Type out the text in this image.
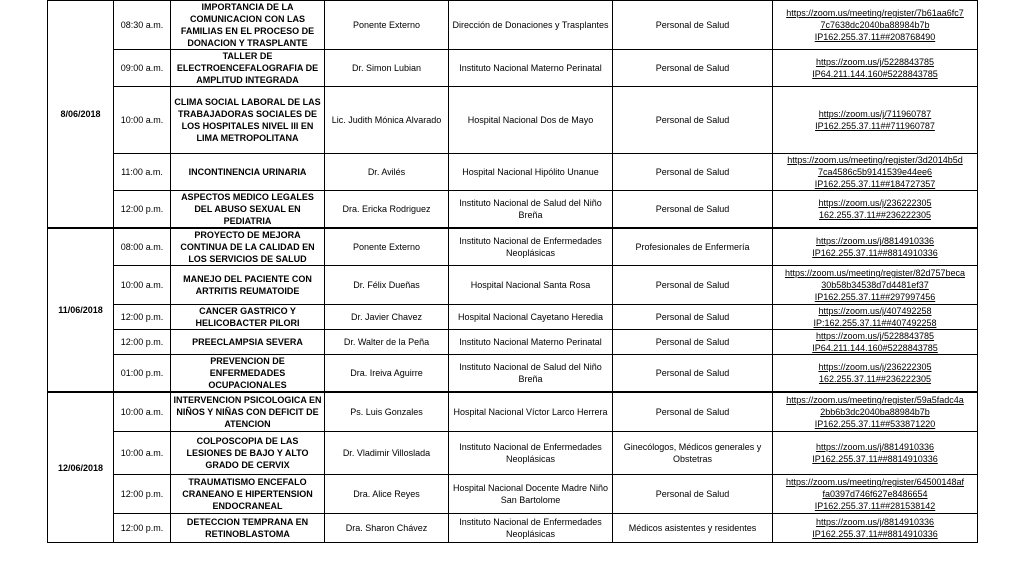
8/06/2018	08:30 a.m.	IMPORTANCIA DE LA COMUNICACION CON LAS FAMILIAS EN EL PROCESO DE DONACION Y TRASPLANTE	Ponente Externo	Dirección de Donaciones y Trasplantes	Personal de Salud	https://zoom.us/meeting/register/7b61aa6fc7
7c7638dc2040ba88984b7b
IP162.255.37.11##208768490

	09:00 a.m.	TALLER DE ELECTROENCEFALOGRAFIA DE AMPLITUD INTEGRADA	Dr. Simon Lubian	Instituto Nacional Materno Perinatal	Personal de Salud	https://zoom.us/j/5228843785
IP64.211.144.160#5228843785

	10:00 a.m.	CLIMA SOCIAL LABORAL DE LAS TRABAJADORAS SOCIALES DE LOS HOSPITALES NIVEL III EN LIMA METROPOLITANA	Lic. Judith Mónica Alvarado	Hospital Nacional Dos de Mayo	Personal de Salud	https://zoom.us/j/711960787
IP162.255.37.11##711960787

	11:00 a.m.	INCONTINENCIA URINARIA	Dr. Avilés	Hospital Nacional Hipólito Unanue	Personal de Salud	https://zoom.us/meeting/register/3d2014b5d
7ca4586c5b9141539e44ee6
IP162.255.37.11##184727357

	12:00 p.m.	ASPECTOS MEDICO LEGALES DEL ABUSO SEXUAL EN PEDIATRIA	Dra. Ericka Rodriguez	Instituto Nacional de Salud del Niño Breña	Personal de Salud	https://zoom.us/j/236222305
162.255.37.11##236222305

11/06/2018	08:00 a.m.	PROYECTO DE MEJORA CONTINUA DE LA CALIDAD EN LOS SERVICIOS DE SALUD	Ponente Externo	Instituto Nacional de Enfermedades Neoplásicas	Profesionales de Enfermería	https://zoom.us/j/8814910336
IP162.255.37.11##8814910336

	10:00 a.m.	MANEJO DEL PACIENTE CON ARTRITIS REUMATOIDE	Dr. Félix Dueñas	Hospital Nacional Santa Rosa	Personal de Salud	https://zoom.us/meeting/register/82d757beca
30b58b34538d7d4481ef37
IP162.255.37.11##297997456

	12:00 p.m.	CANCER GASTRICO Y HELICOBACTER PILORI	Dr. Javier Chavez	Hospital Nacional Cayetano Heredia	Personal de Salud	https://zoom.us/j/407492258
IP:162.255.37.11##407492258

	12:00 p.m.	PREECLAMPSIA SEVERA	Dr. Walter de la Peña	Instituto Nacional Materno Perinatal	Personal de Salud	https://zoom.us/j/5228843785
IP64.211.144.160#5228843785

	01:00 p.m.	PREVENCION DE ENFERMEDADES OCUPACIONALES	Dra. Ireiva Aguirre	Instituto Nacional de Salud del Niño Breña	Personal de Salud	https://zoom.us/j/236222305
162.255.37.11##236222305

12/06/2018	10:00 a.m.	INTERVENCION PSICOLOGICA EN NIÑOS Y NIÑAS CON DEFICIT DE ATENCION	Ps. Luis Gonzales	Hospital Nacional Víctor Larco Herrera	Personal de Salud	https://zoom.us/meeting/register/59a5fadc4a
2bb6b3dc2040ba88984b7b
IP162.255.37.11##533871220

	10:00 a.m.	COLPOSCOPIA DE LAS LESIONES DE BAJO Y ALTO GRADO DE CERVIX	Dr. Vladimir Villoslada	Instituto Nacional de Enfermedades Neoplásicas	Ginecólogos, Médicos generales y Obstetras	https://zoom.us/j/8814910336
IP162.255.37.11##8814910336

	12:00 p.m.	TRAUMATISMO ENCEFALO CRANEANO E HIPERTENSION ENDOCRANEAL	Dra. Alice Reyes	Hospital Nacional Docente Madre Niño San Bartolome	Personal de Salud	https://zoom.us/meeting/register/64500148af
fa0397d746f627e8486654
IP162.255.37.11##281538142

	12:00 p.m.	DETECCION TEMPRANA EN RETINOBLASTOMA	Dra. Sharon Chávez	Instituto Nacional de Enfermedades Neoplásicas	Médicos asistentes y residentes	https://zoom.us/j/8814910336
IP162.255.37.11##8814910336
